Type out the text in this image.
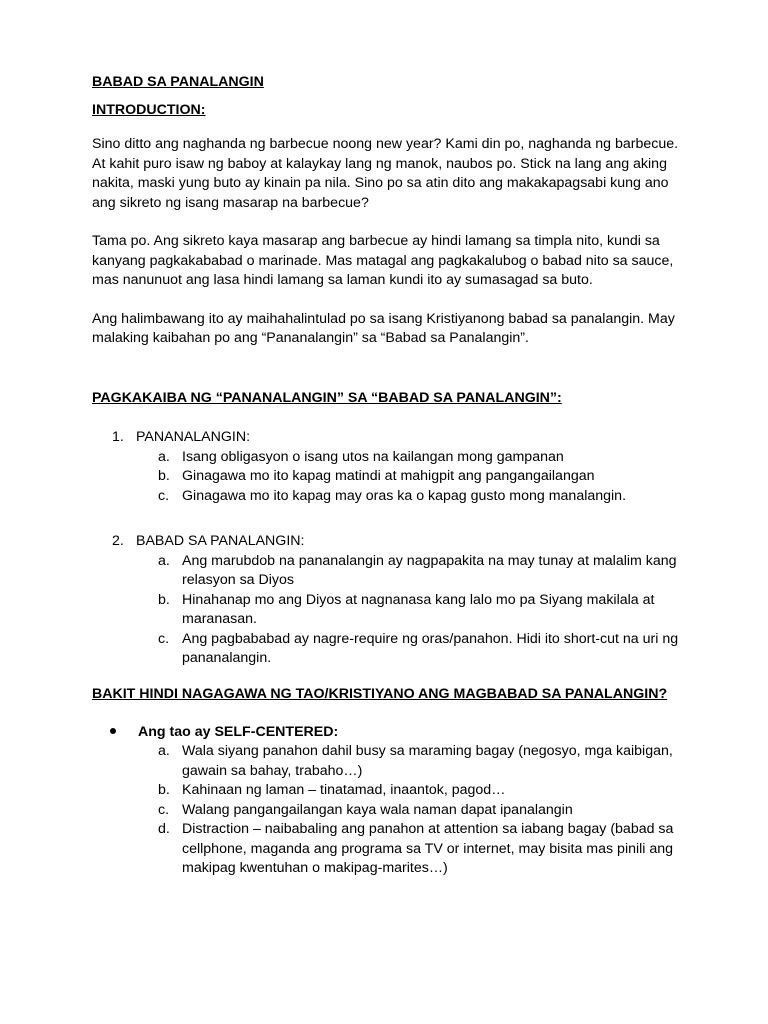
BABAD SA PANALANGIN

INTRODUCTION:

Sino ditto ang naghanda ng barbecue noong new year? Kami din po, naghanda ng barbecue. At kahit puro isaw ng baboy at kalaykay lang ng manok, naubos po. Stick na lang ang aking nakita, maski yung buto ay kinain pa nila. Sino po sa atin dito ang makakapagsabi kung ano ang sikreto ng isang masarap na barbecue?

Tama po. Ang sikreto kaya masarap ang barbecue ay hindi lamang sa timpla nito, kundi sa kanyang pagkakababad o marinade. Mas matagal ang pagkakalubog o babad nito sa sauce, mas nanunuot ang lasa hindi lamang sa laman kundi ito ay sumasagad sa buto.

Ang halimbawang ito ay maihahalintulad po sa isang Kristiyanong babad sa panalangin. May malaking kaibahan po ang “Pananalangin” sa “Babad sa Panalangin”.

PAGKAKAIBA NG “PANANALANGIN” SA “BABAD SA PANALANGIN”:

1. PANANALANGIN:
a. Isang obligasyon o isang utos na kailangan mong gampanan
b. Ginagawa mo ito kapag matindi at mahigpit ang pangangailangan
c. Ginagawa mo ito kapag may oras ka o kapag gusto mong manalangin.
2. BABAD SA PANALANGIN:
a. Ang marubdob na pananalangin ay nagpapakita na may tunay at malalim kang relasyon sa Diyos
b. Hinahanap mo ang Diyos at nagnanasa kang lalo mo pa Siyang makilala at maranasan.
c. Ang pagbababad ay nagre-require ng oras/panahon. Hidi ito short-cut na uri ng pananalangin.

BAKIT HINDI NAGAGAWA NG TAO/KRISTIYANO ANG MAGBABAD SA PANALANGIN?

Ang tao ay SELF-CENTERED:
a. Wala siyang panahon dahil busy sa maraming bagay (negosyo, mga kaibigan, gawain sa bahay, trabaho…)
b. Kahinaan ng laman – tinatamad, inaantok, pagod…
c. Walang pangangailangan kaya wala naman dapat ipanalangin
d. Distraction – naibabaling ang panahon at attention sa iabang bagay (babad sa cellphone, maganda ang programa sa TV or internet, may bisita mas pinili ang makipag kwentuhan o makipag-marites…)
